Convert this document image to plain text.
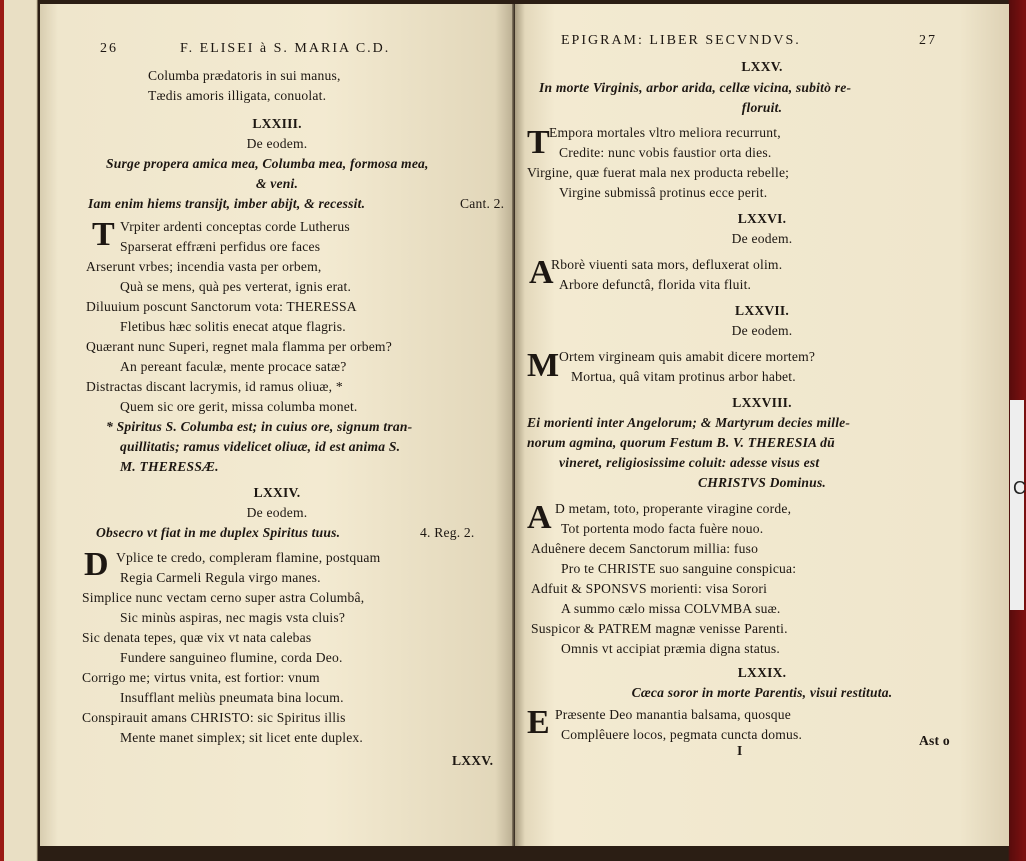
C
26	F. ELISEI à S. MARIA C.D.
Columba prædatoris in sui manus,
Tædis amoris illigata, conuolat.
LXXIII.
De eodem.
Surge propera amica mea, Columba mea, formosa mea,
& veni.
Iam enim hiems transijt, imber abijt, & recessit.	Cant. 2.
T Vrpiter ardenti conceptas corde Lutherus
Sparserat effræni perfidus ore faces
Arserunt vrbes; incendia vasta per orbem,
Quà se mens, quà pes verterat, ignis erat.
Diluuium poscunt Sanctorum vota: THERESSA
Fletibus hæc solitis enecat atque flagris.
Quærant nunc Superi, regnet mala flamma per orbem?
An pereant faculæ, mente procace satæ?
Distractas discant lacrymis, id ramus oliuæ, *
Quem sic ore gerit, missa columba monet.
* Spiritus S. Columba est; in cuius ore, signum tran-
quillitatis; ramus videlicet oliuæ, id est anima S.
M. THERESSÆ.
LXXIV.
De eodem.
Obsecro vt fiat in me duplex Spiritus tuus.	4. Reg. 2.
D Vplice te credo, compleram flamine, postquam
Regia Carmeli Regula virgo manes.
Simplice nunc vectam cerno super astra Columbâ,
Sic minùs aspiras, nec magis vsta cluis?
Sic denata tepes, quæ vix vt nata calebas
Fundere sanguineo flumine, corda Deo.
Corrigo me; virtus vnita, est fortior: vnum
Insufflant meliùs pneumata bina locum.
Conspirauit amans CHRISTO: sic Spiritus illis
Mente manet simplex; sit licet ente duplex.
LXXV.
EPIGRAM: LIBER SECVNDVS.	27
LXXV.
In morte Virginis, arbor arida, cellæ vicina, subitò re-
floruit.
T Empora mortales vltro meliora recurrunt,
Credite: nunc vobis faustior orta dies.
Virgine, quæ fuerat mala nex producta rebelle;
Virgine submissâ protinus ecce perit.
LXXVI.
De eodem.
A
Rborè viuenti sata mors, defluxerat olim.
Arbore defunctâ, florida vita fluit.
LXXVII.
De eodem.
M Ortem virgineam quis amabit dicere mortem?
Mortua, quâ vitam protinus arbor habet.
LXXVIII.
Ei morienti inter Angelorum; & Martyrum decies mille-
norum agmina, quorum Festum B. V. THERESIA dū
vineret, religiosissime coluit: adesse visus est
CHRISTVS Dominus.
A D metam, toto, properante viragine corde,
Tot portenta modo facta fuère nouo.
Aduênere decem Sanctorum millia: fuso
Pro te CHRISTE suo sanguine conspicua:
Adfuit & SPONSVS morienti: visa Sorori
A summo cælo missa COLVMBA suæ.
Suspicor & PATREM magnæ venisse Parenti.
Omnis vt accipiat præmia digna status.
LXXIX.
Cæca soror in morte Parentis, visui restituta.
E Præsente Deo manantia balsama, quosque
Complêuere locos, pegmata cuncta domus.
I
Ast o
